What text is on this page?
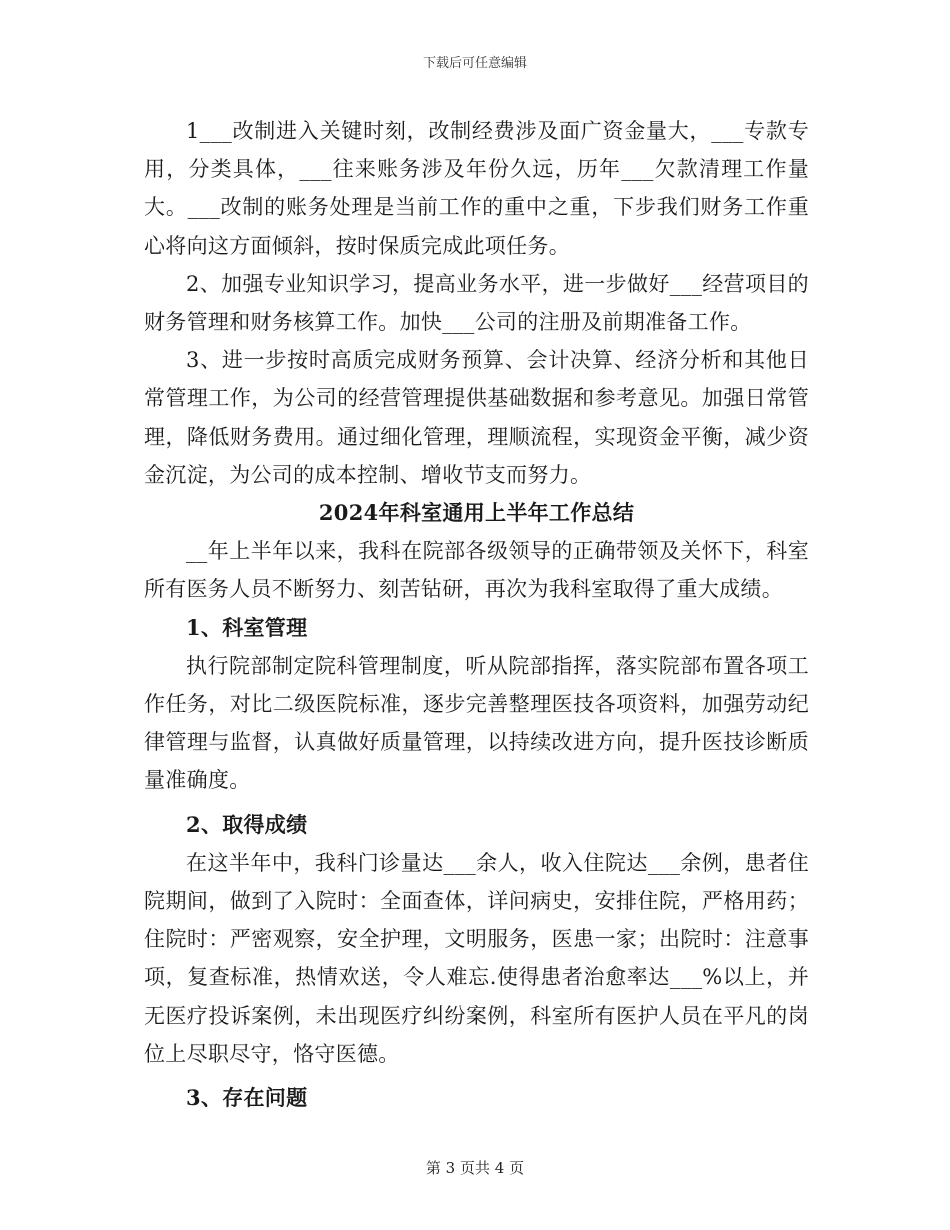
下载后可任意编辑

1___改制进入关键时刻，改制经费涉及面广资金量大，___专款专用，分类具体，___往来账务涉及年份久远，历年___欠款清理工作量大。___改制的账务处理是当前工作的重中之重，下步我们财务工作重心将向这方面倾斜，按时保质完成此项任务。

2、加强专业知识学习，提高业务水平，进一步做好___经营项目的财务管理和财务核算工作。加快___公司的注册及前期准备工作。

3、进一步按时高质完成财务预算、会计决算、经济分析和其他日常管理工作，为公司的经营管理提供基础数据和参考意见。加强日常管理，降低财务费用。通过细化管理，理顺流程，实现资金平衡，减少资金沉淀，为公司的成本控制、增收节支而努力。

2024年科室通用上半年工作总结

__年上半年以来，我科在院部各级领导的正确带领及关怀下，科室所有医务人员不断努力、刻苦钻研，再次为我科室取得了重大成绩。

1、科室管理

执行院部制定院科管理制度，听从院部指挥，落实院部布置各项工作任务，对比二级医院标准，逐步完善整理医技各项资料，加强劳动纪律管理与监督，认真做好质量管理，以持续改进方向，提升医技诊断质量准确度。

2、取得成绩

在这半年中，我科门诊量达___余人，收入住院达___余例，患者住院期间，做到了入院时：全面查体，详问病史，安排住院，严格用药；住院时：严密观察，安全护理，文明服务，医患一家；出院时：注意事项，复查标准，热情欢送，令人难忘.使得患者治愈率达___%以上，并无医疗投诉案例，未出现医疗纠纷案例，科室所有医护人员在平凡的岗位上尽职尽守，恪守医德。

3、存在问题

第 3 页共 4 页
